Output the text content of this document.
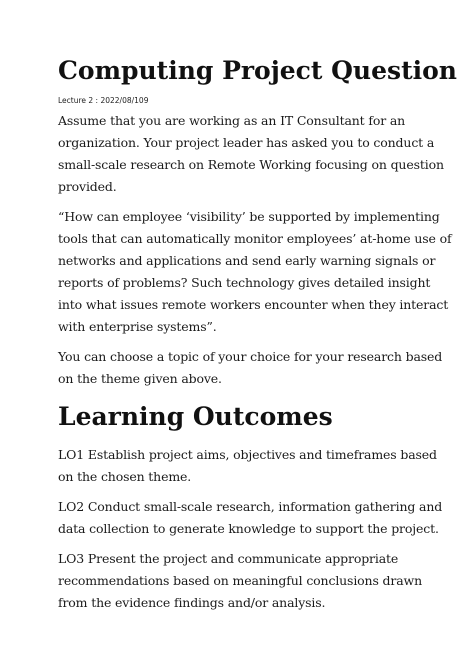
Computing Project Question
Lecture 2 : 2022/08/109

Assume that you are working as an IT Consultant for an
organization. Your project leader has asked you to conduct a
small-scale research on Remote Working focusing on question
provided.

“How can employee ‘visibility’ be supported by implementing
tools that can automatically monitor employees’ at-home use of
networks and applications and send early warning signals or
reports of problems? Such technology gives detailed insight
into what issues remote workers encounter when they interact
with enterprise systems”.

You can choose a topic of your choice for your research based
on the theme given above.

Learning Outcomes

LO1 Establish project aims, objectives and timeframes based
on the chosen theme.

LO2 Conduct small-scale research, information gathering and
data collection to generate knowledge to support the project.

LO3 Present the project and communicate appropriate
recommendations based on meaningful conclusions drawn
from the evidence findings and/or analysis.
